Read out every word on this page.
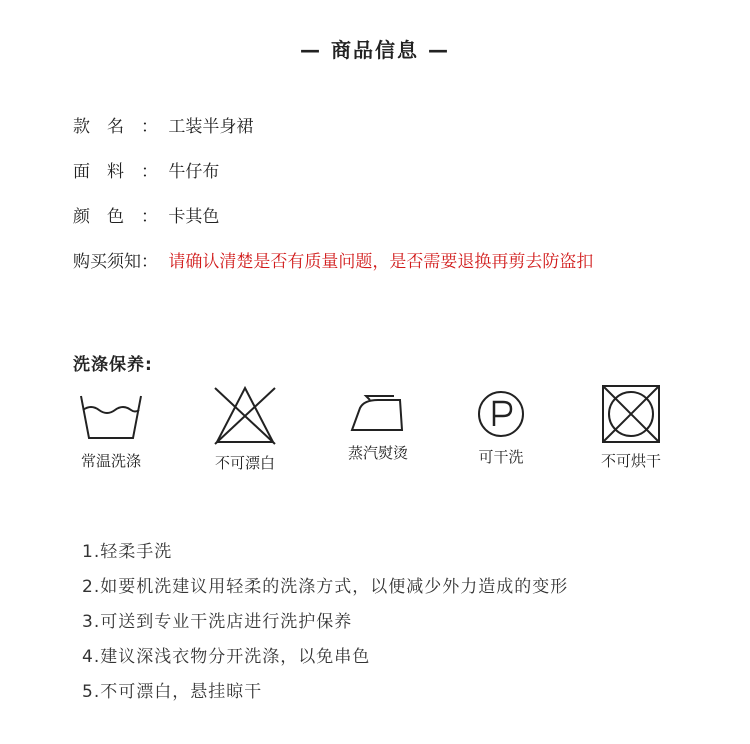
— 商品信息 —
款　名　： 工装半身裙
面　料　： 牛仔布
颜　色　： 卡其色
购买须知： 请确认清楚是否有质量问题，是否需要退换再剪去防盗扣
洗涤保养:
常温洗涤	不可漂白
蒸汽熨烫	可干洗	不可烘干
1.轻柔手洗
2.如要机洗建议用轻柔的洗涤方式，以便减少外力造成的变形
3.可送到专业干洗店进行洗护保养
4.建议深浅衣物分开洗涤，以免串色
5.不可漂白，悬挂晾干
